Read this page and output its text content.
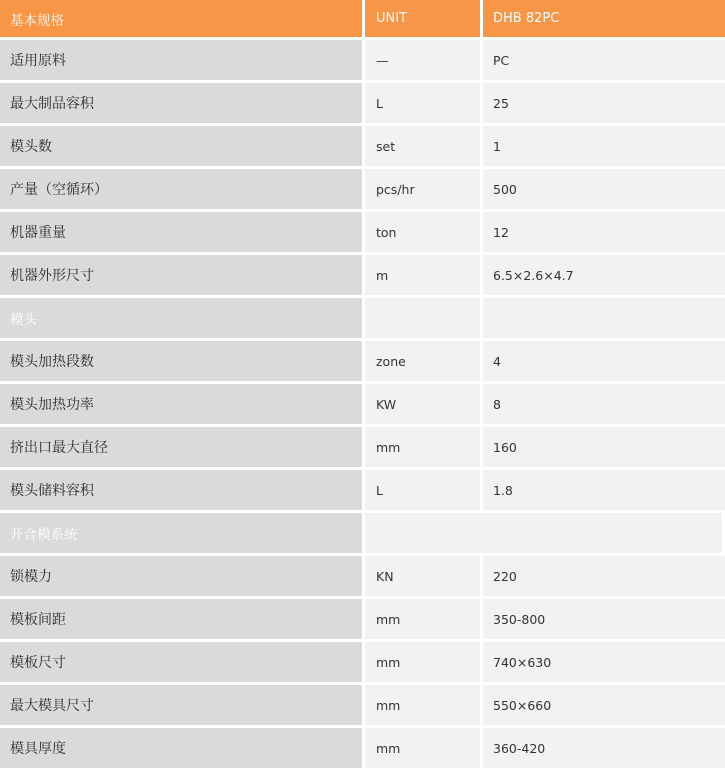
基本规格	UNIT	DHB 82PC
适用原料	—	PC
最大制品容积	L	25
模头数	set	1
产量（空循环）	pcs/hr	500
机器重量	ton	12
机器外形尺寸	m	6.5×2.6×4.7
模头
模头加热段数	zone	4
模头加热功率	KW	8
挤出口最大直径	mm	160
模头储料容积	L	1.8
开合模系统
锁模力	KN	220
模板间距	mm	350-800
模板尺寸	mm	740×630
最大模具尺寸	mm	550×660
模具厚度	mm	360-420
